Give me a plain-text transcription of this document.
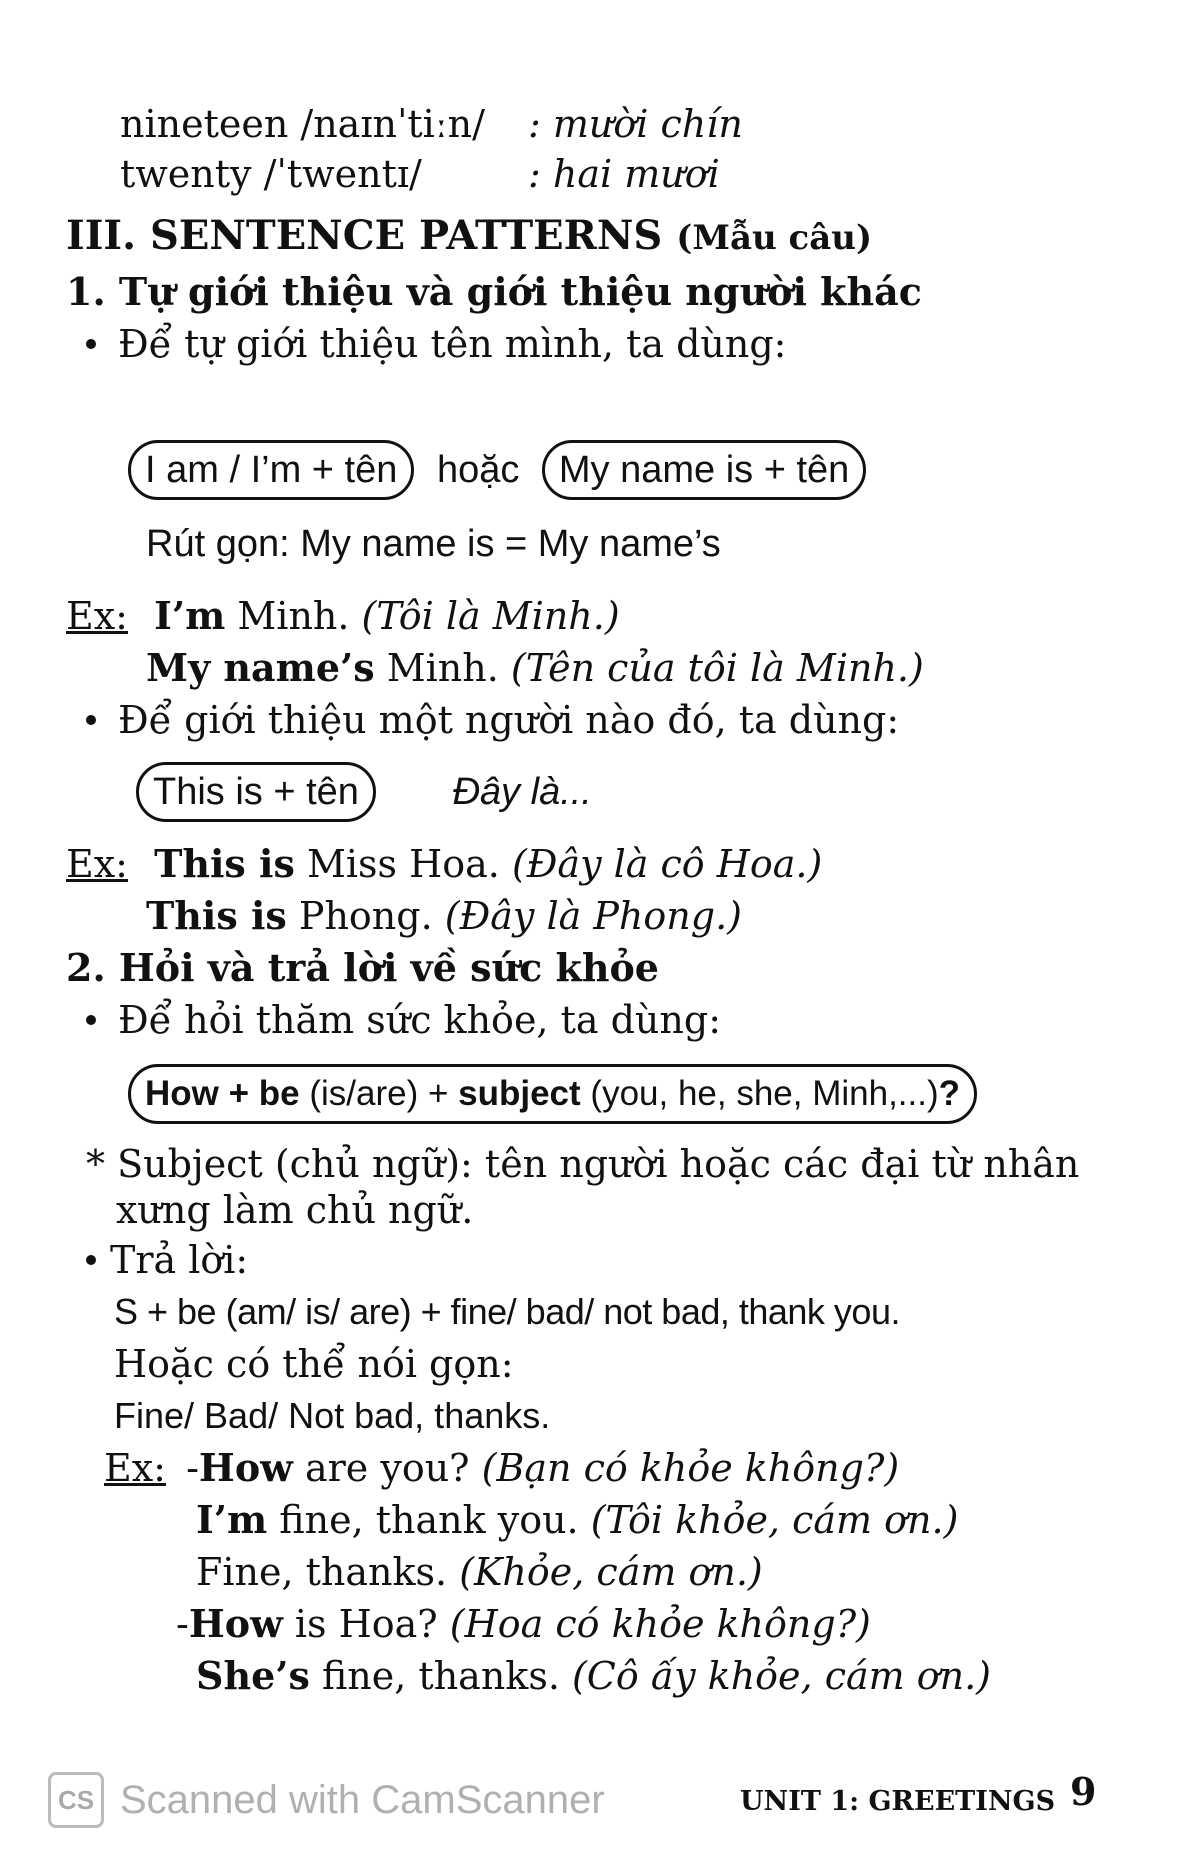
nineteen /naɪnˈtiːn/ : mười chín
twenty /ˈtwentɪ/	: hai mươi
III. SENTENCE PATTERNS (Mẫu câu)
1. Tự giới thiệu và giới thiệu người khác
Để tự giới thiệu tên mình, ta dùng:
I am / I’m + tên hoặc My name is + tên
Rút gọn: My name is = My name’s
Ex: I’m Minh. (Tôi là Minh.)
My name’s Minh. (Tên của tôi là Minh.)
Để giới thiệu một người nào đó, ta dùng:
This is + tên Đây là...
Ex: This is Miss Hoa. (Đây là cô Hoa.)
This is Phong. (Đây là Phong.)
2. Hỏi và trả lời về sức khỏe
Để hỏi thăm sức khỏe, ta dùng:
How + be (is/are) + subject (you, he, she, Minh,...)?
* Subject (chủ ngữ): tên người hoặc các đại từ nhân
xưng làm chủ ngữ.
Trả lời:
S + be (am/ is/ are) + fine/ bad/ not bad, thank you.
Hoặc có thể nói gọn:
Fine/ Bad/ Not bad, thanks.
Ex: -How are you? (Bạn có khỏe không?)
I’m fine, thank you. (Tôi khỏe, cám ơn.)
Fine, thanks. (Khỏe, cám ơn.)
-How is Hoa? (Hoa có khỏe không?)
She’s fine, thanks. (Cô ấy khỏe, cám ơn.)
CS Scanned with CamScanner	UNIT 1: GREETINGS 9
